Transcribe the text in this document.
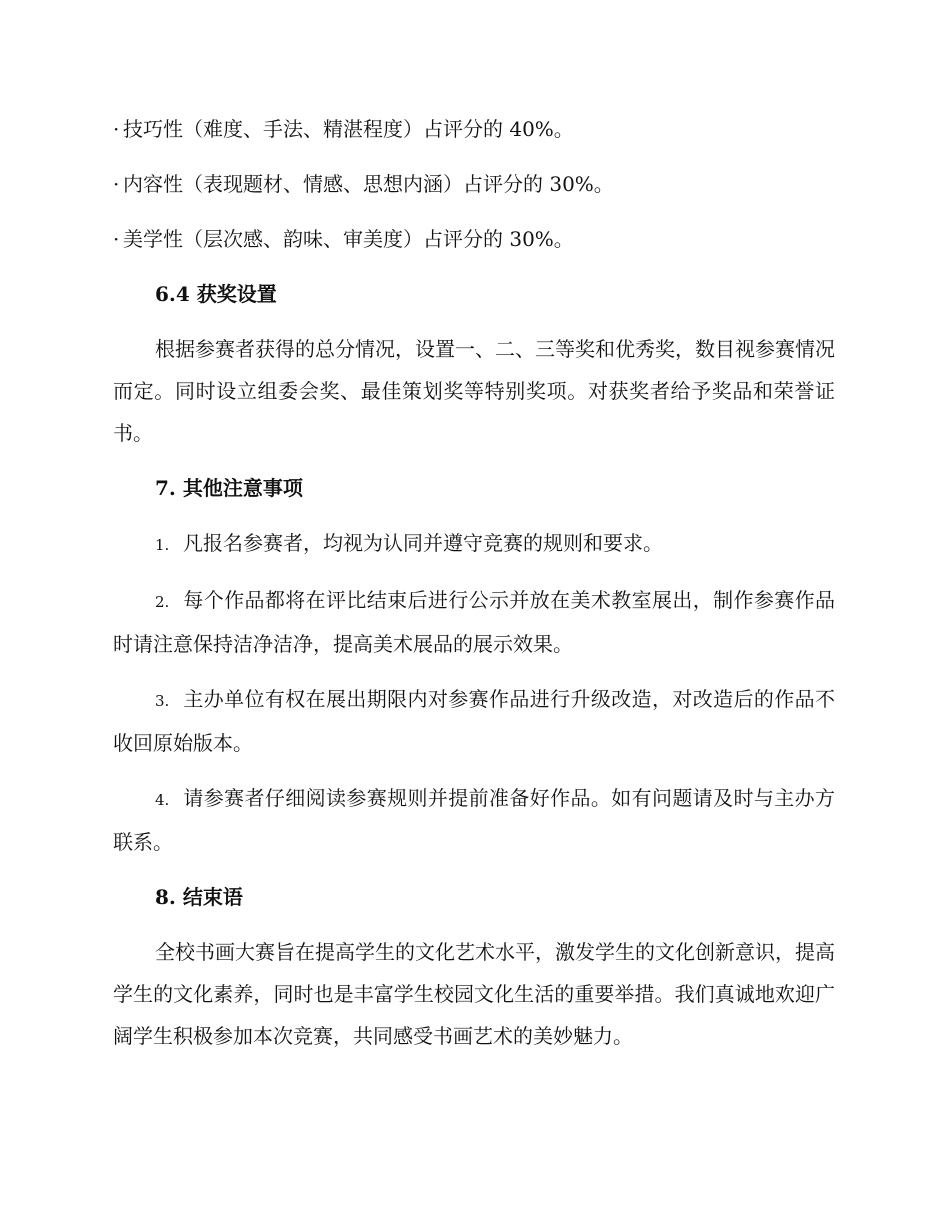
· 技巧性（难度、手法、精湛程度）占评分的 40%。

· 内容性（表现题材、情感、思想内涵）占评分的 30%。

· 美学性（层次感、韵味、审美度）占评分的 30%。

6.4 获奖设置

根据参赛者获得的总分情况，设置一、二、三等奖和优秀奖，数目视参赛情况而定。同时设立组委会奖、最佳策划奖等特别奖项。对获奖者给予奖品和荣誉证书。

7. 其他注意事项

1. 凡报名参赛者，均视为认同并遵守竞赛的规则和要求。

2. 每个作品都将在评比结束后进行公示并放在美术教室展出，制作参赛作品时请注意保持洁净洁净，提高美术展品的展示效果。

3. 主办单位有权在展出期限内对参赛作品进行升级改造，对改造后的作品不收回原始版本。

4. 请参赛者仔细阅读参赛规则并提前准备好作品。如有问题请及时与主办方联系。

8. 结束语

全校书画大赛旨在提高学生的文化艺术水平，激发学生的文化创新意识，提高学生的文化素养，同时也是丰富学生校园文化生活的重要举措。我们真诚地欢迎广阔学生积极参加本次竞赛，共同感受书画艺术的美妙魅力。
